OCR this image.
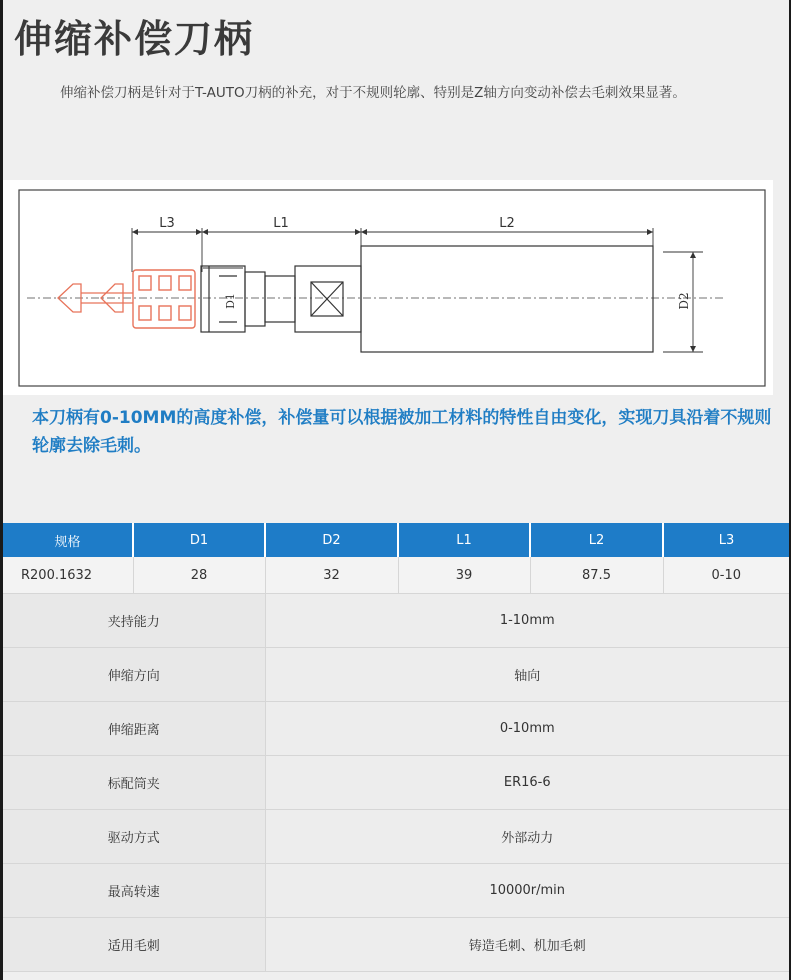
伸缩补偿刀柄

伸缩补偿刀柄是针对于T-AUTO刀柄的补充，对于不规则轮廓、特别是Z轴方向变动补偿去毛刺效果显著。

L3	L1	L2
D1	D2

本刀柄有0-10MM的高度补偿，补偿量可以根据被加工材料的特性自由变化，实现刀具沿着不规则轮廓去除毛刺。

规格	D1	D2	L1	L2	L3
R200.1632	28	32	39	87.5	0-10
夹持能力		1-10mm			
伸缩方向		轴向			
伸缩距离		0-10mm			
标配筒夹		ER16-6			
驱动方式		外部动力			
最高转速		10000r/min			
适用毛刺		铸造毛刺、机加毛刺			
